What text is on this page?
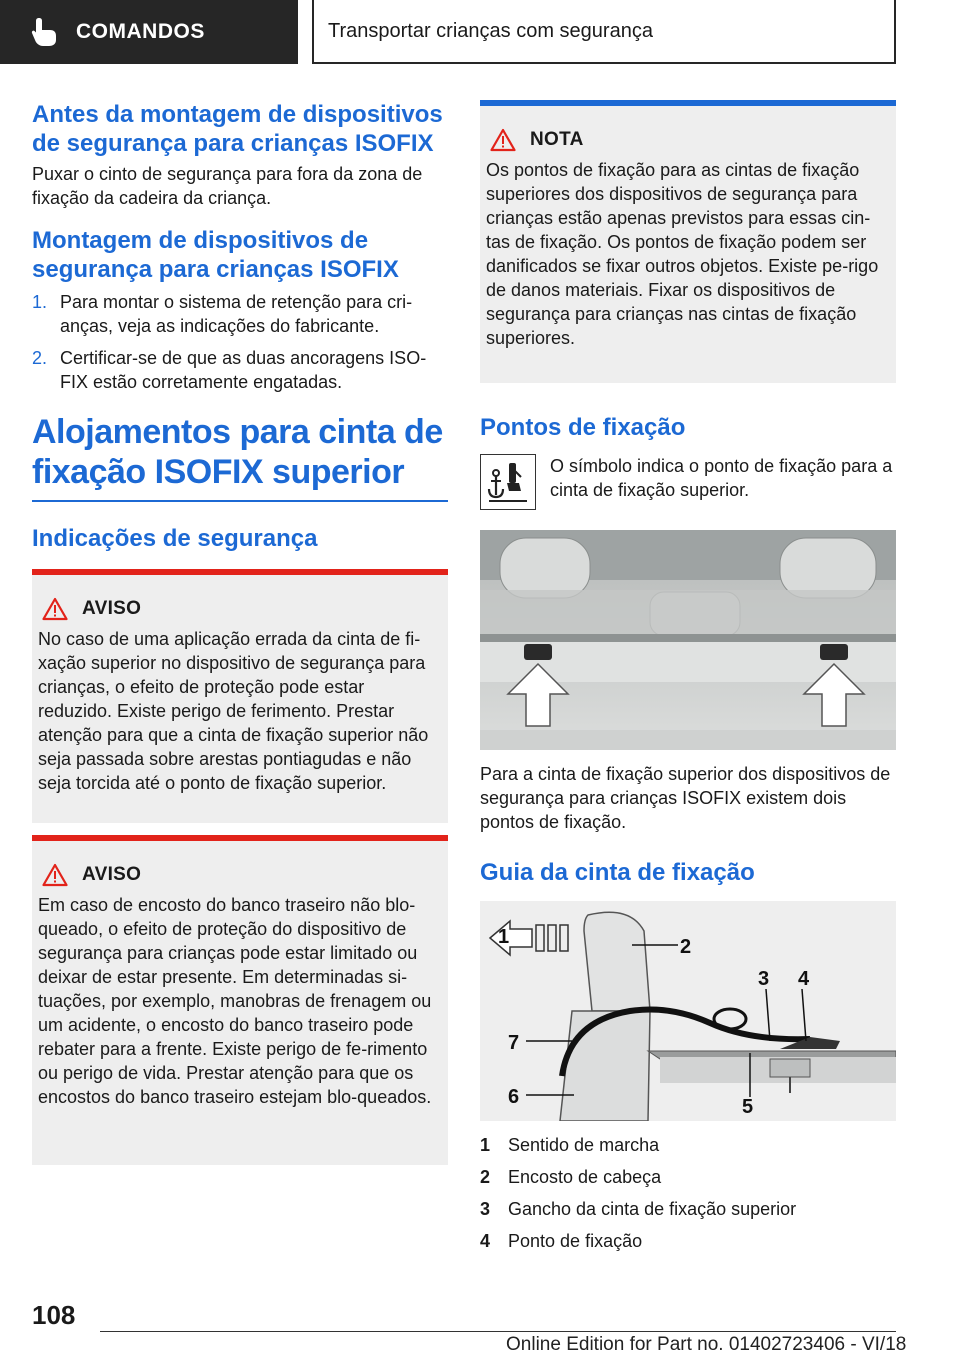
COMANDOS	Transportar crianças com segurança
Antes da montagem de dispositivos de segurança para crianças ISOFIX
Puxar o cinto de segurança para fora da zona de fixação da cadeira da criança.
Montagem de dispositivos de segurança para crianças ISOFIX
1. Para montar o sistema de retenção para cri-anças, veja as indicações do fabricante.
2. Certificar-se de que as duas ancoragens ISO-FIX estão corretamente engatadas.
Alojamentos para cinta de fixação ISOFIX superior
Indicações de segurança
AVISO
No caso de uma aplicação errada da cinta de fi-xação superior no dispositivo de segurança para crianças, o efeito de proteção pode estar reduzido. Existe perigo de ferimento. Prestar atenção para que a cinta de fixação superior não seja passada sobre arestas pontiagudas e não seja torcida até o ponto de fixação superior.
AVISO
Em caso de encosto do banco traseiro não blo-queado, o efeito de proteção do dispositivo de segurança para crianças pode estar limitado ou deixar de estar presente. Em determinadas si-tuações, por exemplo, manobras de frenagem ou um acidente, o encosto do banco traseiro pode rebater para a frente. Existe perigo de fe-rimento ou perigo de vida. Prestar atenção para que os encostos do banco traseiro estejam blo-queados.
NOTA
Os pontos de fixação para as cintas de fixação superiores dos dispositivos de segurança para crianças estão apenas previstos para essas cin-tas de fixação. Os pontos de fixação podem ser danificados se fixar outros objetos. Existe pe-rigo de danos materiais. Fixar os dispositivos de segurança para crianças nas cintas de fixação superiores.
Pontos de fixação
O símbolo indica o ponto de fixação para a cinta de fixação superior.
Para a cinta de fixação superior dos dispositivos de segurança para crianças ISOFIX existem dois pontos de fixação.
Guia da cinta de fixação
1	2
3 4
5
6
7
1 Sentido de marcha
2 Encosto de cabeça
3 Gancho da cinta de fixação superior
4 Ponto de fixação
108
Online Edition for Part no. 01402723406 - VI/18
